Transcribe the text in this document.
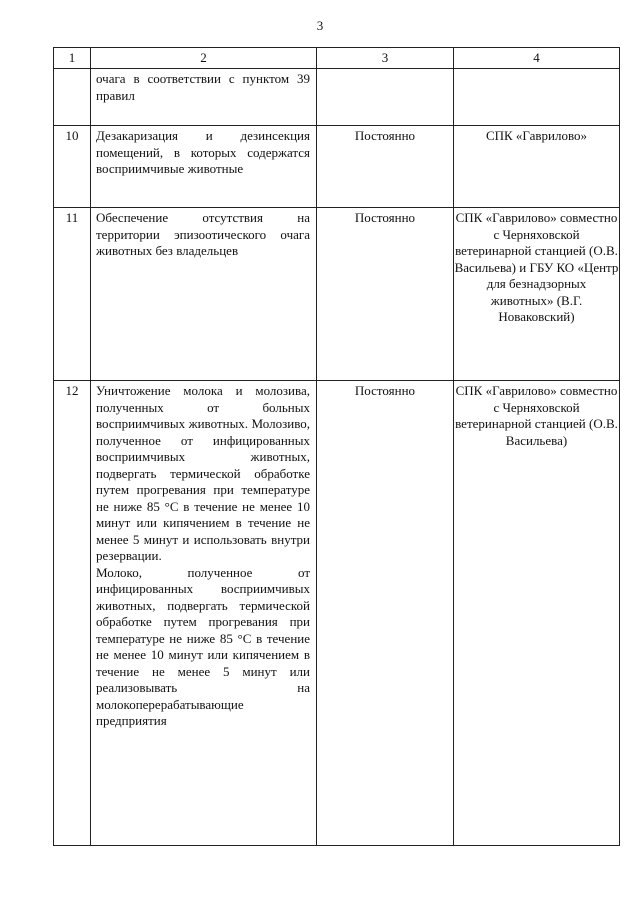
3
1	2	3	4

	очага в соответствии с пунктом 39 правил		

10	Дезакаризация и дезинсекция помещений, в которых содержатся восприимчивые животные	Постоянно	СПК «Гаврилово»
11	Обеспечение отсутствия на территории эпизоотического очага животных без владельцев	Постоянно	СПК «Гаврилово» совместно с Черняховской ветеринарной станцией (О.В. Васильева) и ГБУ КО «Центр для безнадзорных животных» (В.Г. Новаковский)
12	Уничтожение молока и молозива, полученных от больных восприимчивых животных. Молозиво, полученное от инфицированных восприимчивых животных, подвергать термической обработке путем прогревания при температуре не ниже 85 °С в течение не менее 10 минут или кипячением в течение не менее 5 минут и использовать внутри резервации.
Молоко, полученное от инфицированных восприимчивых животных, подвергать термической обработке путем прогревания при температуре не ниже 85 °С в течение не менее 10 минут или кипячением в течение не менее 5 минут или реализовывать на молокоперерабатывающие предприятия	Постоянно	СПК «Гаврилово» совместно с Черняховской ветеринарной станцией (О.В. Васильева)
